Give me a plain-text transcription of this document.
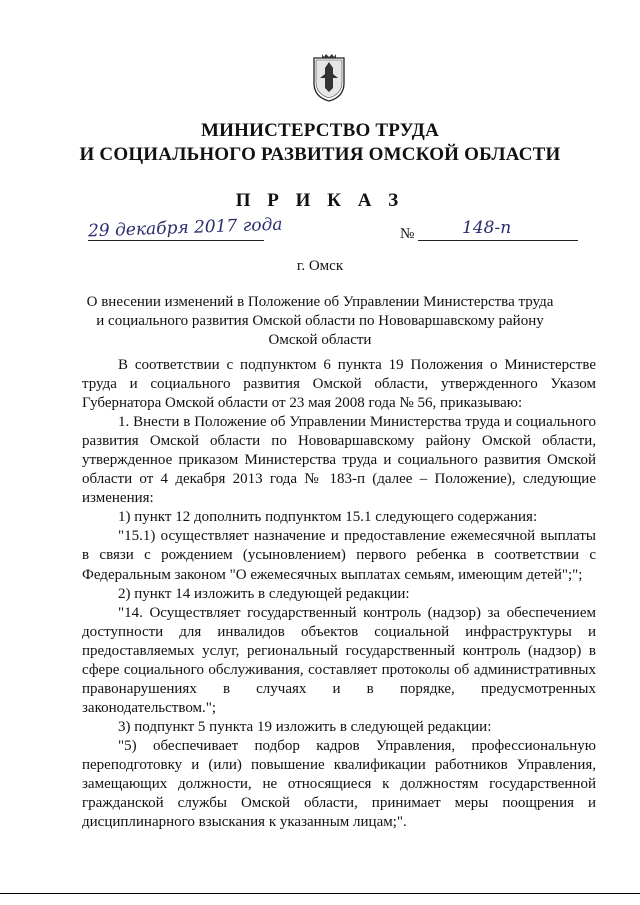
МИНИСТЕРСТВО ТРУДА
И СОЦИАЛЬНОГО РАЗВИТИЯ ОМСКОЙ ОБЛАСТИ
П Р И К А З
29 декабря 2017 года	№	148-п
г. Омск
О внесении изменений в Положение об Управлении Министерства труда
и социального развития Омской области по Нововаршавскому району
Омской области

В соответствии с подпунктом 6 пункта 19 Положения о Министерстве труда и социального развития Омской области, утвержденного Указом Губернатора Омской области от 23 мая 2008 года № 56, приказываю:

1. Внести в Положение об Управлении Министерства труда и социального развития Омской области по Нововаршавскому району Омской области, утвержденное приказом Министерства труда и социального развития Омской области от 4 декабря 2013 года № 183-п (далее – Положение), следующие изменения:

1) пункт 12 дополнить подпунктом 15.1 следующего содержания:

"15.1) осуществляет назначение и предоставление ежемесячной выплаты в связи с рождением (усыновлением) первого ребенка в соответствии с Федеральным законом "О ежемесячных выплатах семьям, имеющим детей";";

2) пункт 14 изложить в следующей редакции:

"14. Осуществляет государственный контроль (надзор) за обеспечением доступности для инвалидов объектов социальной инфраструктуры и предоставляемых услуг, региональный государственный контроль (надзор) в сфере социального обслуживания, составляет протоколы об административных правонарушениях в случаях и в порядке, предусмотренных законодательством.";

3) подпункт 5 пункта 19 изложить в следующей редакции:

"5) обеспечивает подбор кадров Управления, профессиональную переподготовку и (или) повышение квалификации работников Управления, замещающих должности, не относящиеся к должностям государственной гражданской службы Омской области, принимает меры поощрения и дисциплинарного взыскания к указанным лицам;".
